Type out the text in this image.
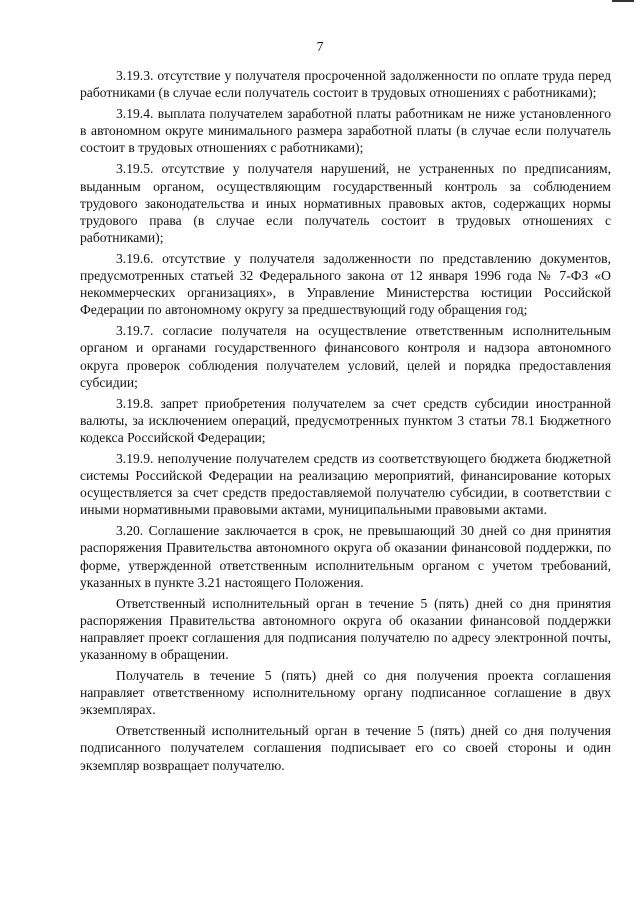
7

3.19.3. отсутствие у получателя просроченной задолженности по оплате труда перед работниками (в случае если получатель состоит в трудовых отношениях с работниками);

3.19.4. выплата получателем заработной платы работникам не ниже установленного в автономном округе минимального размера заработной платы (в случае если получатель состоит в трудовых отношениях с работниками);

3.19.5. отсутствие у получателя нарушений, не устраненных по предписаниям, выданным органом, осуществляющим государственный контроль за соблюдением трудового законодательства и иных нормативных правовых актов, содержащих нормы трудового права (в случае если получатель состоит в трудовых отношениях с работниками);

3.19.6. отсутствие у получателя задолженности по представлению документов, предусмотренных статьей 32 Федерального закона от 12 января 1996 года № 7-ФЗ «О некоммерческих организациях», в Управление Министерства юстиции Российской Федерации по автономному округу за предшествующий году обращения год;

3.19.7. согласие получателя на осуществление ответственным исполнительным органом и органами государственного финансового контроля и надзора автономного округа проверок соблюдения получателем условий, целей и порядка предоставления субсидии;

3.19.8. запрет приобретения получателем за счет средств субсидии иностранной валюты, за исключением операций, предусмотренных пунктом 3 статьи 78.1 Бюджетного кодекса Российской Федерации;

3.19.9. неполучение получателем средств из соответствующего бюджета бюджетной системы Российской Федерации на реализацию мероприятий, финансирование которых осуществляется за счет средств предоставляемой получателю субсидии, в соответствии с иными нормативными правовыми актами, муниципальными правовыми актами.

3.20. Соглашение заключается в срок, не превышающий 30 дней со дня принятия распоряжения Правительства автономного округа об оказании финансовой поддержки, по форме, утвержденной ответственным исполнительным органом с учетом требований, указанных в пункте 3.21 настоящего Положения.

Ответственный исполнительный орган в течение 5 (пять) дней со дня принятия распоряжения Правительства автономного округа об оказании финансовой поддержки направляет проект соглашения для подписания получателю по адресу электронной почты, указанному в обращении.

Получатель в течение 5 (пять) дней со дня получения проекта соглашения направляет ответственному исполнительному органу подписанное соглашение в двух экземплярах.

Ответственный исполнительный орган в течение 5 (пять) дней со дня получения подписанного получателем соглашения подписывает его со своей стороны и один экземпляр возвращает получателю.
